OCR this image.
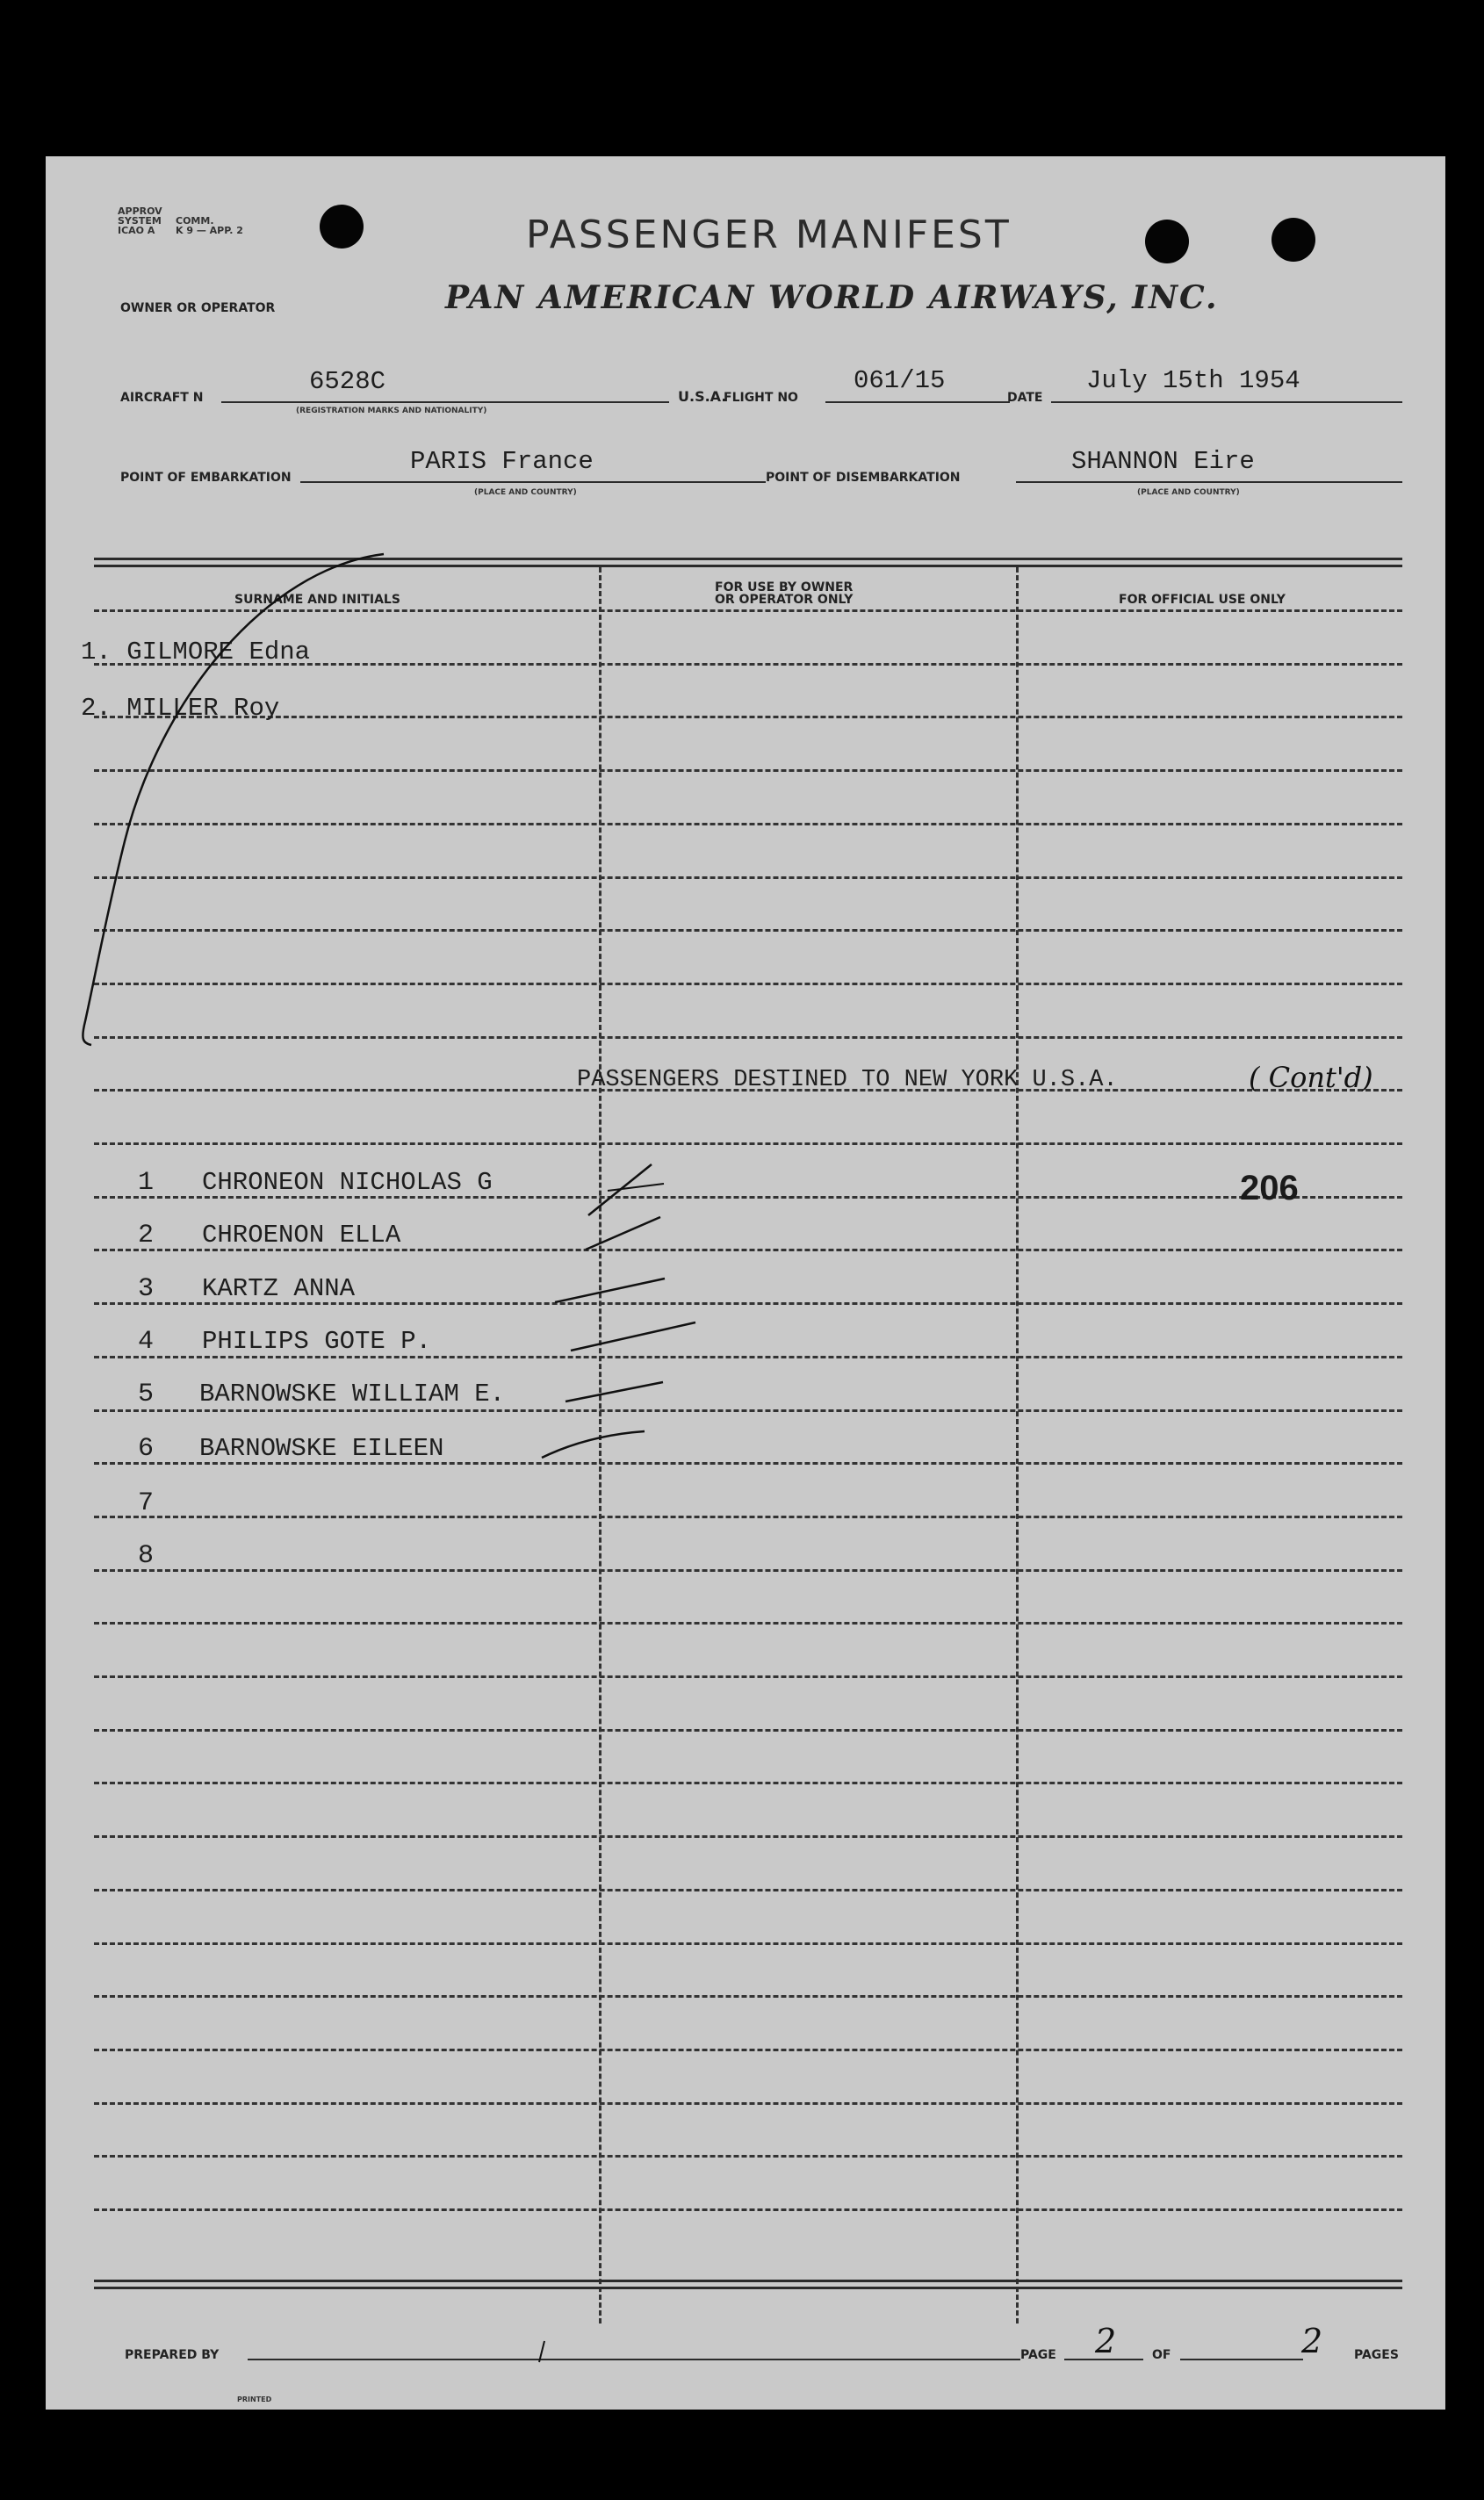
APPROV
SYSTEM
ICAO A
COMM.
K 9 — APP. 2	PASSENGER MANIFEST
OWNER OR OPERATOR	PAN AMERICAN WORLD AIRWAYS, INC.
AIRCRAFT N
6528C
(REGISTRATION MARKS AND NATIONALITY)
U.S.A.
FLIGHT NO
061/15
DATE
July 15th 1954
POINT OF EMBARKATION
PARIS France
(PLACE AND COUNTRY)
POINT OF DISEMBARKATION
SHANNON Eire
(PLACE AND COUNTRY)
SURNAME AND INITIALS
FOR USE BY OWNER
OR OPERATOR ONLY	FOR OFFICIAL USE ONLY
1. GILMORE Edna
2. MILLER Roy
PASSENGERS DESTINED TO NEW YORK U.S.A.	( Cont'd)
1 CHRONEON NICHOLAS G
2 CHROENON ELLA
3 KARTZ ANNA
4 PHILIPS GOTE P.
5 BARNOWSKE WILLIAM E.
6 BARNOWSKE EILEEN
7
8
206
PREPARED BY	PAGE 2	OF	2	PAGES
PRINTED
